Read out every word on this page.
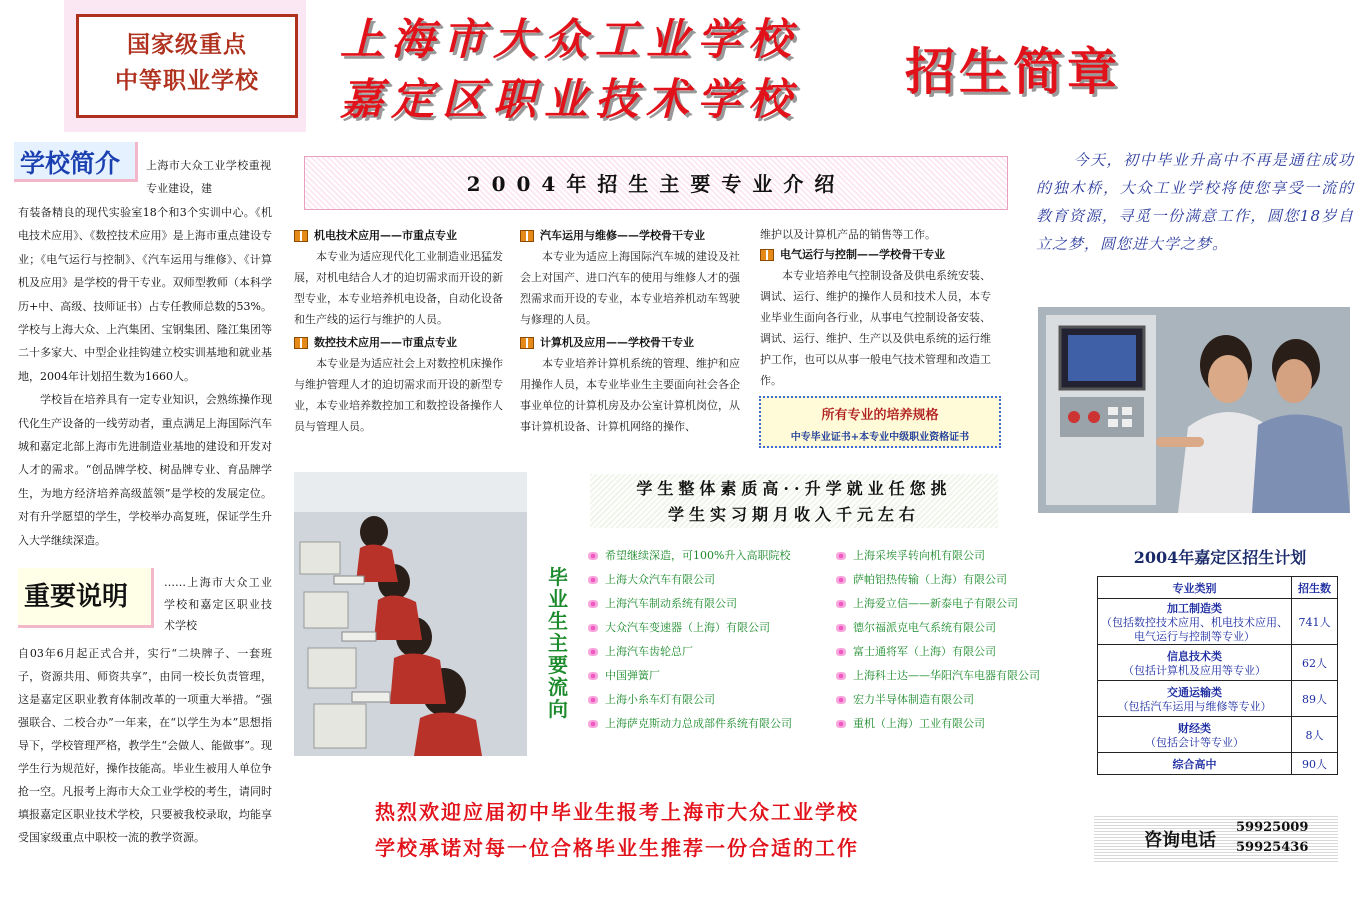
国家级重点
中等职业学校
上海市大众工业学校
嘉定区职业技术学校 招生简章
学校简介	上海市大众工业学校重视专业建设，建

有装备精良的现代实验室18个和3个实训中心。《机电技术应用》、《数控技术应用》是上海市重点建设专业；《电气运行与控制》、《汽车运用与维修》、《计算机及应用》是学校的骨干专业。双师型教师（本科学历+中、高级、技师证书）占专任教师总数的53%。学校与上海大众、上汽集团、宝钢集团、隆江集团等二十多家大、中型企业挂钩建立校实训基地和就业基地，2004年计划招生数为1660人。

学校旨在培养具有一定专业知识，会熟练操作现代化生产设备的一线劳动者，重点满足上海国际汽车城和嘉定北部上海市先进制造业基地的建设和开发对人才的需求。“创品牌学校、树品牌专业、育品牌学生，为地方经济培养高级蓝领”是学校的发展定位。对有升学愿望的学生，学校举办高复班，保证学生升入大学继续深造。

重要说明	……上海市大众工业学校和嘉定区职业技术学校
自03年6月起正式合并，实行“二块牌子、一套班子，资源共用、师资共享”，由同一校长负责管理，这是嘉定区职业教育体制改革的一项重大举措。“强强联合、二校合办”一年来，在“以学生为本”思想指导下，学校管理严格，教学生“会做人、能做事”。现学生行为规范好，操作技能高。毕业生被用人单位争抢一空。凡报考上海市大众工业学校的考生，请同时填报嘉定区职业技术学校，只要被我校录取，均能享受国家级重点中职校一流的教学资源。
2004年招生主要专业介绍
机电技术应用——市重点专业
本专业为适应现代化工业制造业迅猛发展，对机电结合人才的迫切需求而开设的新型专业，本专业培养机电设备，自动化设备和生产线的运行与维护的人员。
数控技术应用——市重点专业
本专业是为适应社会上对数控机床操作与维护管理人才的迫切需求而开设的新型专业，本专业培养数控加工和数控设备操作人员与管理人员。
汽车运用与维修——学校骨干专业
本专业为适应上海国际汽车城的建设及社会上对国产、进口汽车的使用与维修人才的强烈需求而开设的专业，本专业培养机动车驾驶与修理的人员。
计算机及应用——学校骨干专业
本专业培养计算机系统的管理、维护和应用操作人员，本专业毕业生主要面向社会各企事业单位的计算机房及办公室计算机岗位，从事计算机设备、计算机网络的操作、
维护以及计算机产品的销售等工作。
电气运行与控制——学校骨干专业
本专业培养电气控制设备及供电系统安装、调试、运行、维护的操作人员和技术人员，本专业毕业生面向各行业，从事电气控制设备安装、调试、运行、维护、生产以及供电系统的运行维护工作，也可以从事一般电气技术管理和改造工作。
所有专业的培养规格
中专毕业证书+本专业中级职业资格证书
今天，初中毕业升高中不再是通往成功的独木桥，大众工业学校将使您享受一流的教育资源，寻觅一份满意工作，圆您18岁自立之梦，圆您进大学之梦。
学生整体素质高··升学就业任您挑
学生实习期月收入千元左右
毕业生主要流向
希望继续深造，可100%升入高职院校
上海大众汽车有限公司
上海汽车制动系统有限公司
大众汽车变速器（上海）有限公司
上海汽车齿轮总厂
中国弹簧厂
上海小糸车灯有限公司
上海萨克斯动力总成部件系统有限公司
上海采埃孚转向机有限公司
萨帕铝热传输（上海）有限公司
上海爱立信——新泰电子有限公司
德尔福派克电气系统有限公司
富士通将军（上海）有限公司
上海科士达——华阳汽车电器有限公司
宏力半导体制造有限公司
重机（上海）工业有限公司
2004年嘉定区招生计划
专业类别	招生数

加工制造类
（包括数控技术应用、机电技术应用、电气运行与控制等专业）	741人

信息技术类
（包括计算机及应用等专业）	62人

交通运输类
（包括汽车运用与维修等专业）	89人

财经类
（包括会计等专业）	8人

综合高中	90人
热烈欢迎应届初中毕业生报考上海市大众工业学校
学校承诺对每一位合格毕业生推荐一份合适的工作	咨询电话
59925009
59925436
